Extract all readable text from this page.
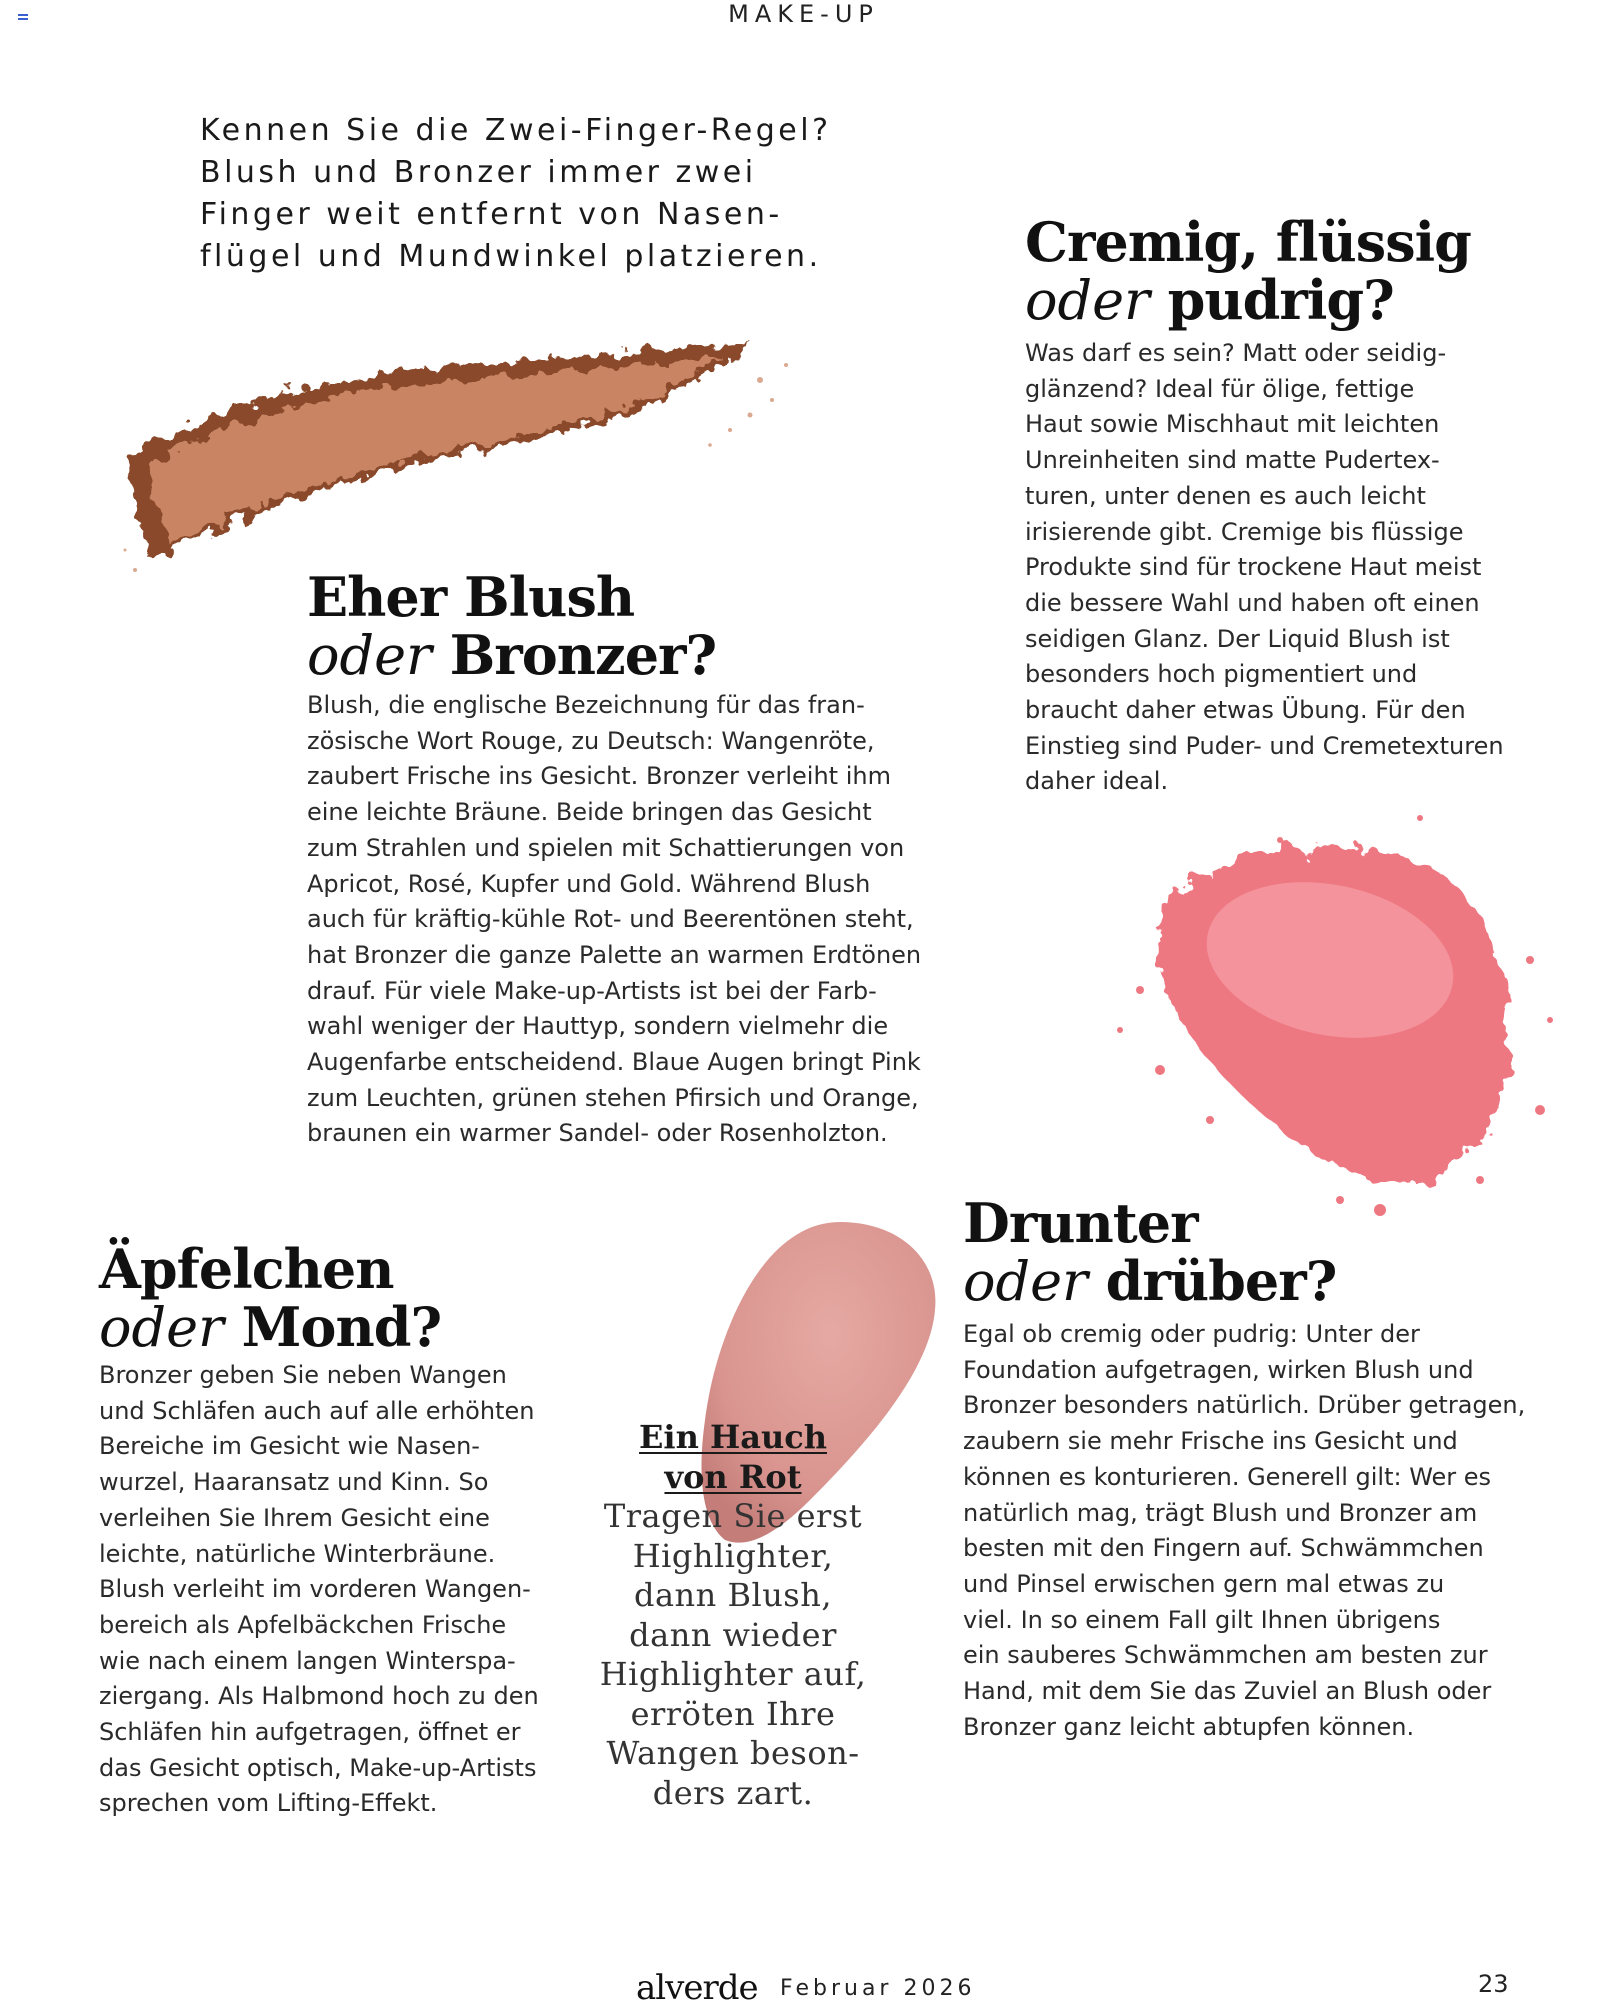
MAKE-UP
Kennen Sie die Zwei-Finger-Regel?
Blush und Bronzer immer zwei
Finger weit entfernt von Nasen-
flügel und Mundwinkel platzieren.
Eher Blush
oder Bronzer?
Blush, die englische Bezeichnung für das fran-
zösische Wort Rouge, zu Deutsch: Wangenröte,
zaubert Frische ins Gesicht. Bronzer verleiht ihm
eine leichte Bräune. Beide bringen das Gesicht
zum Strahlen und spielen mit Schattierungen von
Apricot, Rosé, Kupfer und Gold. Während Blush
auch für kräftig-kühle Rot- und Beerentönen steht,
hat Bronzer die ganze Palette an warmen Erdtönen
drauf. Für viele Make-up-Artists ist bei der Farb-
wahl weniger der Hauttyp, sondern vielmehr die
Augenfarbe entscheidend. Blaue Augen bringt Pink
zum Leuchten, grünen stehen Pfirsich und Orange,
braunen ein warmer Sandel- oder Rosenholzton.
Cremig, flüssig
oder pudrig?
Was darf es sein? Matt oder seidig-
glänzend? Ideal für ölige, fettige
Haut sowie Mischhaut mit leichten
Unreinheiten sind matte Pudertex-
turen, unter denen es auch leicht
irisierende gibt. Cremige bis flüssige
Produkte sind für trockene Haut meist
die bessere Wahl und haben oft einen
seidigen Glanz. Der Liquid Blush ist
besonders hoch pigmentiert und
braucht daher etwas Übung. Für den
Einstieg sind Puder- und Cremetexturen
daher ideal.
Äpfelchen
oder Mond?
Bronzer geben Sie neben Wangen
und Schläfen auch auf alle erhöhten
Bereiche im Gesicht wie Nasen-
wurzel, Haaransatz und Kinn. So
verleihen Sie Ihrem Gesicht eine
leichte, natürliche Winterbräune.
Blush verleiht im vorderen Wangen-
bereich als Apfelbäckchen Frische
wie nach einem langen Winterspa-
ziergang. Als Halbmond hoch zu den
Schläfen hin aufgetragen, öffnet er
das Gesicht optisch, Make-up-Artists
sprechen vom Lifting-Effekt.
Ein Hauch
von Rot
Tragen Sie erst
Highlighter,
dann Blush,
dann wieder
Highlighter auf,
erröten Ihre
Wangen beson-
ders zart.
Drunter
oder drüber?
Egal ob cremig oder pudrig: Unter der
Foundation aufgetragen, wirken Blush und
Bronzer besonders natürlich. Drüber getragen,
zaubern sie mehr Frische ins Gesicht und
können es konturieren. Generell gilt: Wer es
natürlich mag, trägt Blush und Bronzer am
besten mit den Fingern auf. Schwämmchen
und Pinsel erwischen gern mal etwas zu
viel. In so einem Fall gilt Ihnen übrigens
ein sauberes Schwämmchen am besten zur
Hand, mit dem Sie das Zuviel an Blush oder
Bronzer ganz leicht abtupfen können.
alverde Februar 2026	23
